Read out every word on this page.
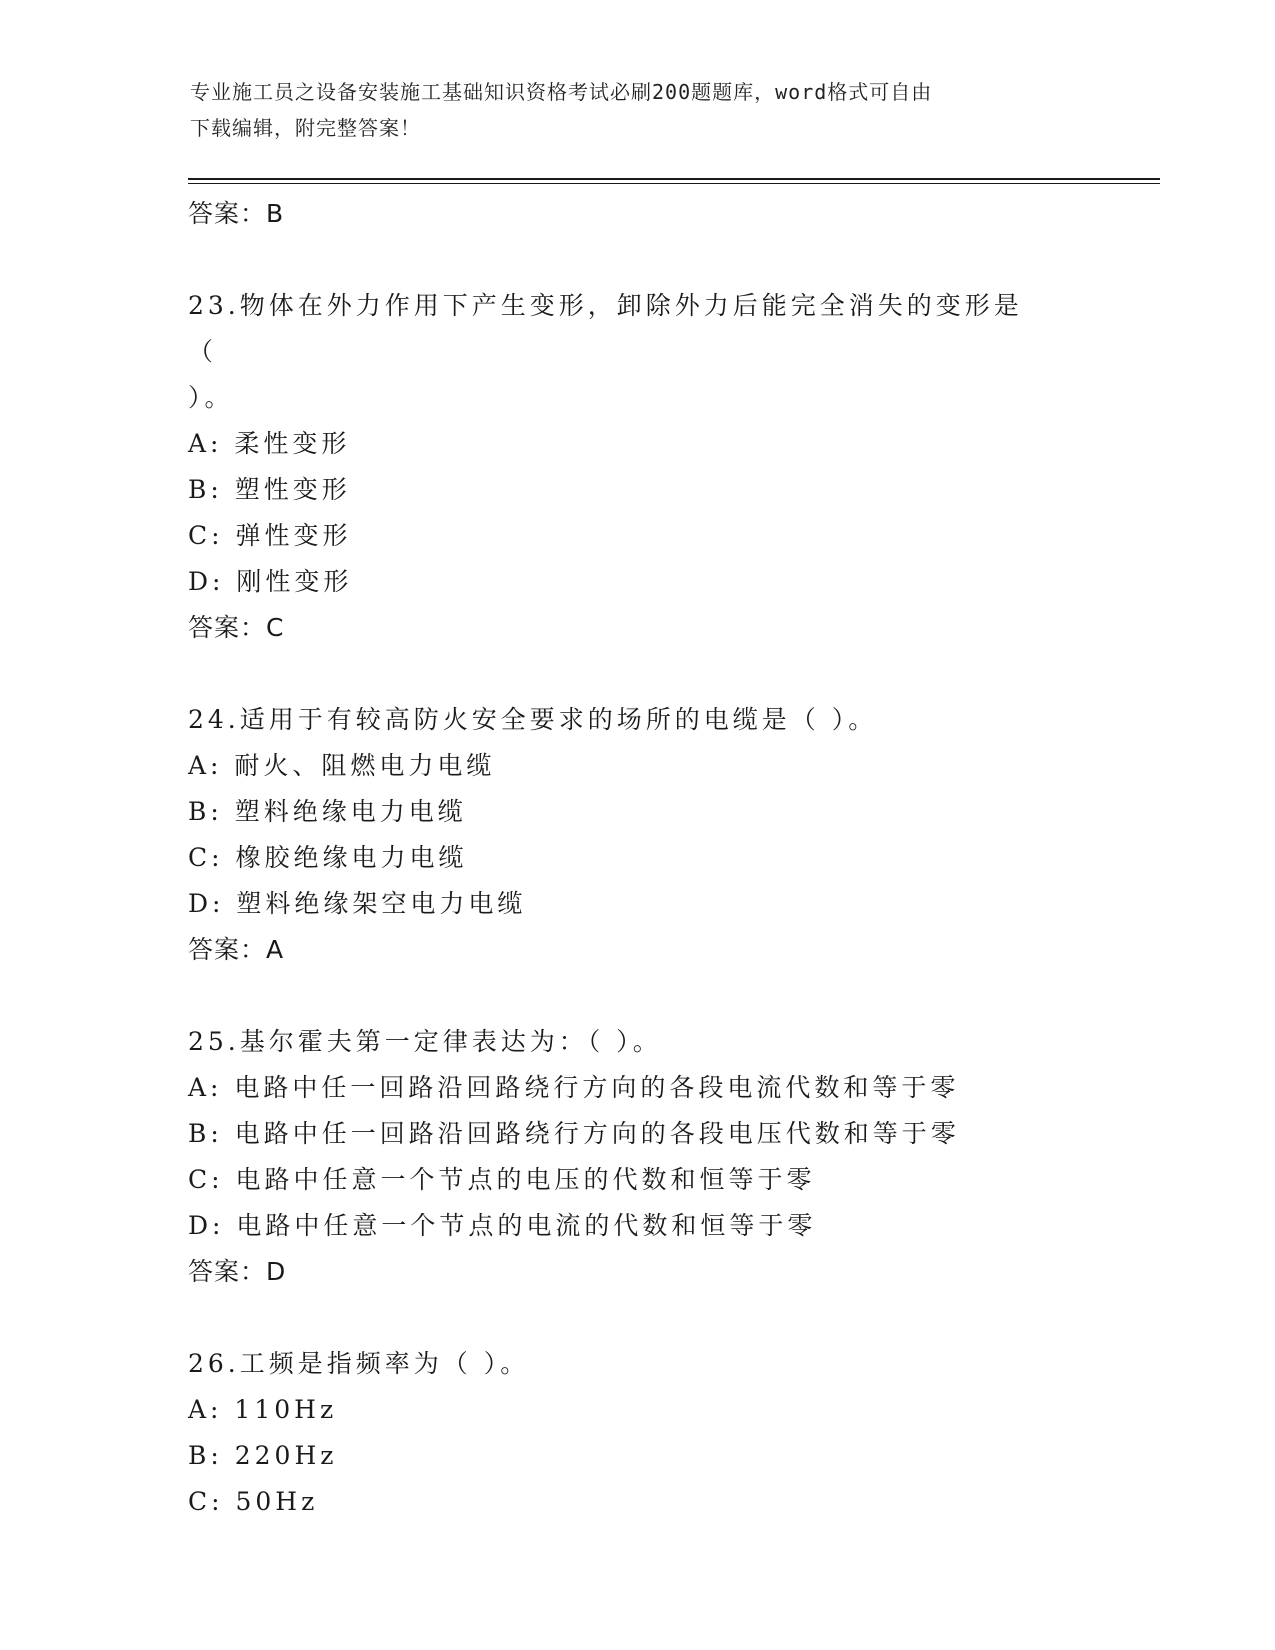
专业施工员之设备安装施工基础知识资格考试必刷200题题库，word格式可自由
下载编辑，附完整答案！
答案：B
23.物体在外力作用下产生变形，卸除外力后能完全消失的变形是（
）。
A: 柔性变形
B: 塑性变形
C: 弹性变形
D: 刚性变形
答案：C
24.适用于有较高防火安全要求的场所的电缆是（ ）。
A: 耐火、阻燃电力电缆
B: 塑料绝缘电力电缆
C: 橡胶绝缘电力电缆
D: 塑料绝缘架空电力电缆
答案：A
25.基尔霍夫第一定律表达为：（ ）。
A: 电路中任一回路沿回路绕行方向的各段电流代数和等于零
B: 电路中任一回路沿回路绕行方向的各段电压代数和等于零
C: 电路中任意一个节点的电压的代数和恒等于零
D: 电路中任意一个节点的电流的代数和恒等于零
答案：D
26.工频是指频率为（ ）。
A: 110Hz
B: 220Hz
C: 50Hz
